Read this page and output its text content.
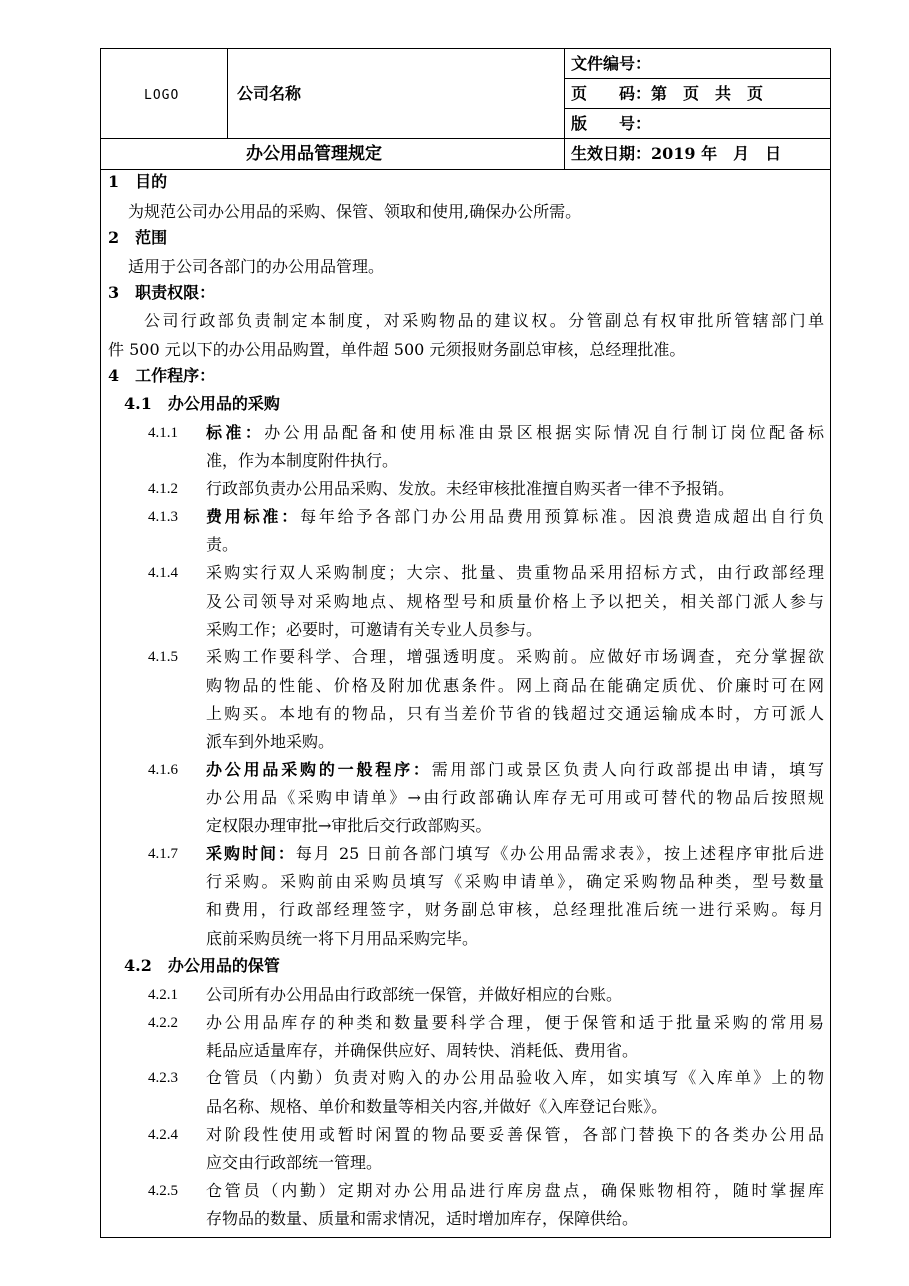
LOGO	公司名称
文件编号：
页　　码：第　页　共　页
版　　号：
办公用品管理规定	生效日期：2019 年　月　日
1　目的
为规范公司办公用品的采购、保管、领取和使用,确保办公所需。
2　范围
适用于公司各部门的办公用品管理。
3　职责权限：
公司行政部负责制定本制度，对采购物品的建议权。分管副总有权审批所管辖部门单
件 500 元以下的办公用品购置，单件超 500 元须报财务副总审核，总经理批准。
4　工作程序：
4.1　办公用品的采购
4.1.1 标准：办公用品配备和使用标准由景区根据实际情况自行制订岗位配备标
准，作为本制度附件执行。
4.1.2 行政部负责办公用品采购、发放。未经审核批准擅自购买者一律不予报销。
4.1.3 费用标准：每年给予各部门办公用品费用预算标准。因浪费造成超出自行负
责。
4.1.4 采购实行双人采购制度；大宗、批量、贵重物品采用招标方式，由行政部经理
及公司领导对采购地点、规格型号和质量价格上予以把关，相关部门派人参与
采购工作；必要时，可邀请有关专业人员参与。
4.1.5 采购工作要科学、合理，增强透明度。采购前。应做好市场调查，充分掌握欲
购物品的性能、价格及附加优惠条件。网上商品在能确定质优、价廉时可在网
上购买。本地有的物品，只有当差价节省的钱超过交通运输成本时，方可派人
派车到外地采购。
4.1.6 办公用品采购的一般程序：需用部门或景区负责人向行政部提出申请，填写
办公用品《采购申请单》→由行政部确认库存无可用或可替代的物品后按照规
定权限办理审批→审批后交行政部购买。
4.1.7 采购时间：每月 25 日前各部门填写《办公用品需求表》，按上述程序审批后进
行采购。采购前由采购员填写《采购申请单》，确定采购物品种类，型号数量
和费用，行政部经理签字，财务副总审核，总经理批准后统一进行采购。每月
底前采购员统一将下月用品采购完毕。
4.2　办公用品的保管
4.2.1 公司所有办公用品由行政部统一保管，并做好相应的台账。
4.2.2 办公用品库存的种类和数量要科学合理，便于保管和适于批量采购的常用易
耗品应适量库存，并确保供应好、周转快、消耗低、费用省。
4.2.3 仓管员（内勤）负责对购入的办公用品验收入库，如实填写《入库单》上的物
品名称、规格、单价和数量等相关内容,并做好《入库登记台账》。
4.2.4 对阶段性使用或暂时闲置的物品要妥善保管，各部门替换下的各类办公用品
应交由行政部统一管理。
4.2.5 仓管员（内勤）定期对办公用品进行库房盘点，确保账物相符，随时掌握库
存物品的数量、质量和需求情况，适时增加库存，保障供给。
